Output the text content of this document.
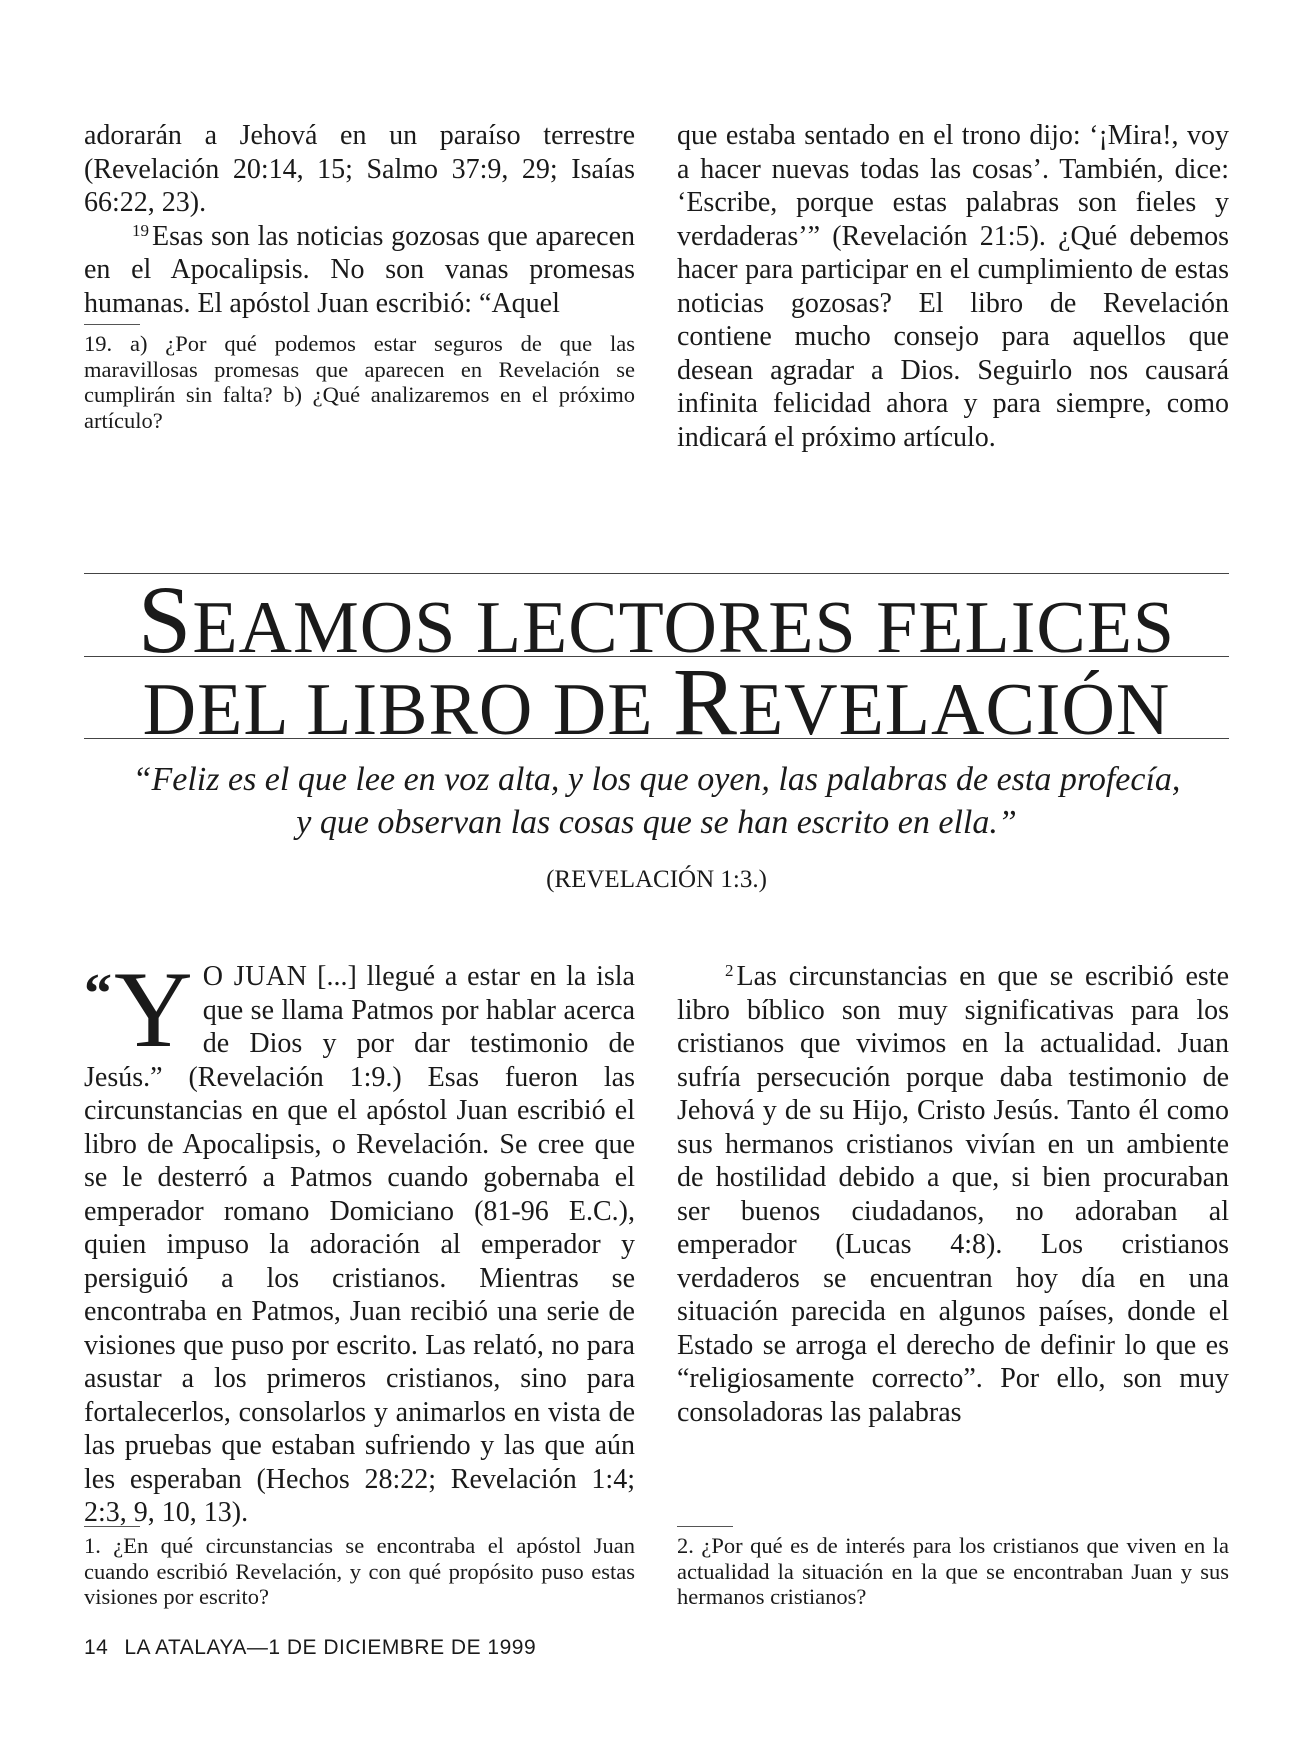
adorarán a Jehová en un paraíso terrestre (Revelación 20:14, 15; Salmo 37:9, 29; Isaías 66:22, 23).

$^{19}$ Esas son las noticias gozosas que aparecen en el Apocalipsis. No son vanas promesas humanas. El apóstol Juan escribió: “Aquel

19. a) ¿Por qué podemos estar seguros de que las maravillosas promesas que aparecen en Revelación se cumplirán sin falta? b) ¿Qué analizaremos en el próximo artículo?

que estaba sentado en el trono dijo: ‘¡Mira!, voy a hacer nuevas todas las cosas’. También, dice: ‘Escribe, porque estas palabras son fieles y verdaderas’” (Revelación 21:5). ¿Qué debemos hacer para participar en el cumplimiento de estas noticias gozosas? El libro de Revelación contiene mucho consejo para aquellos que desean agradar a Dios. Seguirlo nos causará infinita felicidad ahora y para siempre, como indicará el próximo artículo.

SEAMOS LECTORES FELICES
DEL LIBRO DE REVELACIÓN
“Feliz es el que lee en voz alta, y los que oyen, las palabras de esta profecía,
y que observan las cosas que se han escrito en ella.”
(REVELACIÓN 1:3.)

“Y O JUAN [...] llegué a estar en la isla que se llama Patmos por hablar acerca de Dios y por dar testimonio de Jesús.” (Revelación 1:9.) Esas fueron las circunstancias en que el apóstol Juan escribió el libro de Apocalipsis, o Revelación. Se cree que se le desterró a Patmos cuando gobernaba el emperador romano Domiciano (81-96 E.C.), quien impuso la adoración al emperador y persiguió a los cristianos. Mientras se encontraba en Patmos, Juan recibió una serie de visiones que puso por escrito. Las relató, no para asustar a los primeros cristianos, sino para fortalecerlos, consolarlos y animarlos en vista de las pruebas que estaban sufriendo y las que aún les esperaban (Hechos 28:22; Revelación 1:4; 2:3, 9, 10, 13).

$^2$ Las circunstancias en que se escribió este libro bíblico son muy significativas para los cristianos que vivimos en la actualidad. Juan sufría persecución porque daba testimonio de Jehová y de su Hijo, Cristo Jesús. Tanto él como sus hermanos cristianos vivían en un ambiente de hostilidad debido a que, si bien procuraban ser buenos ciudadanos, no adoraban al emperador (Lucas 4:8). Los cristianos verdaderos se encuentran hoy día en una situación parecida en algunos países, donde el Estado se arroga el derecho de definir lo que es “religiosamente correcto”. Por ello, son muy consoladoras las palabras

1. ¿En qué circunstancias se encontraba el apóstol Juan cuando escribió Revelación, y con qué propósito puso estas visiones por escrito?

2. ¿Por qué es de interés para los cristianos que viven en la actualidad la situación en la que se encontraban Juan y sus hermanos cristianos?

14 LA ATALAYA—1 DE DICIEMBRE DE 1999
